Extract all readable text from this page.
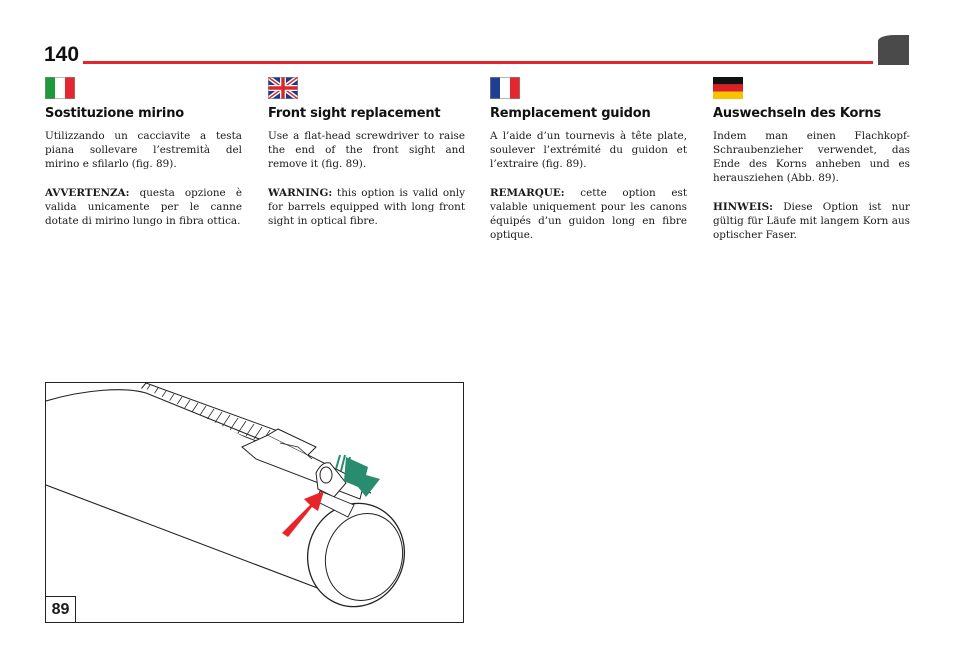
140
Sostituzione mirino
Utilizzando un cacciavite a testa piana sollevare l’estremità del mirino e sfilarlo (fig. 89).
AVVERTENZA: questa opzione è valida unicamente per le canne dotate di mirino lungo in fibra ottica.
Front sight replacement
Use a flat-head screwdriver to raise the end of the front sight and remove it (fig. 89).
WARNING: this option is valid only for barrels equipped with long front sight in optical fibre.
Remplacement guidon
A l’aide d’un tournevis à tête plate, soulever l’extrémité du guidon et l’extraire (fig. 89).
REMARQUE: cette option est valable uniquement pour les canons équipés d’un guidon long en fibre optique.
Auswechseln des Korns
Indem man einen Flachkopf-Schraubenzieher verwendet, das Ende des Korns anheben und es herausziehen (Abb. 89).
HINWEIS: Diese Option ist nur gültig für Läufe mit langem Korn aus optischer Faser.
89
